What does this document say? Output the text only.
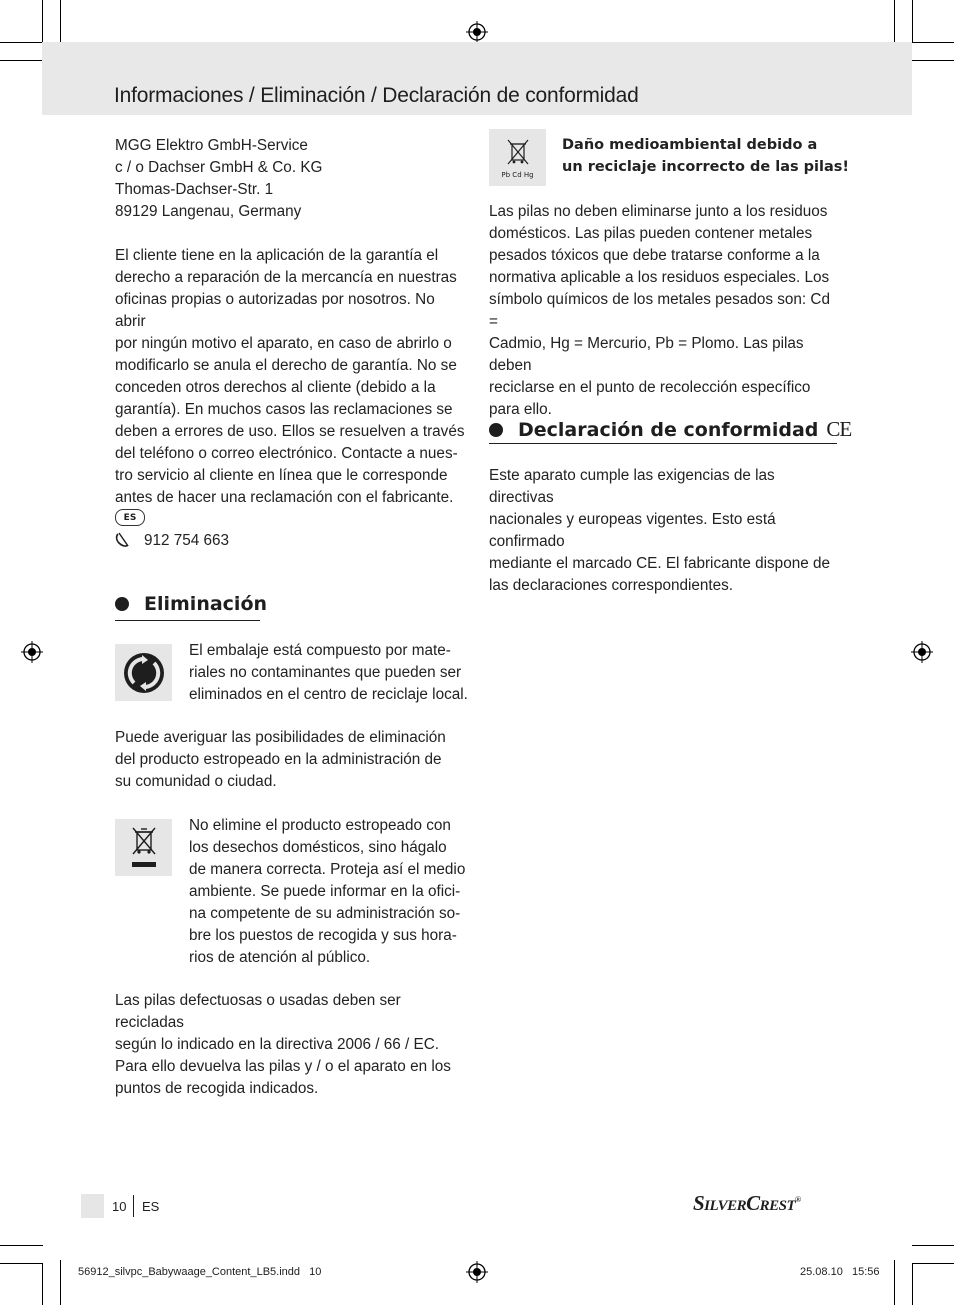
Informaciones / Eliminación / Declaración de conformidad

MGG Elektro GmbH-Service

c / o Dachser GmbH & Co. KG

Thomas-Dachser-Str. 1

89129 Langenau, Germany

El cliente tiene en la aplicación de la garantía el

derecho a reparación de la mercancía en nuestras

oficinas propias o autorizadas por nosotros. No abrir

por ningún motivo el aparato, en caso de abrirlo o

modificarlo se anula el derecho de garantía. No se

conceden otros derechos al cliente (debido a la

garantía). En muchos casos las reclamaciones se

deben a errores de uso. Ellos se resuelven a través

del teléfono o correo electrónico. Contacte a nues-

tro servicio al cliente en línea que le corresponde

antes de hacer una reclamación con el fabricante.

ES
912 754 663
Eliminación

El embalaje está compuesto por mate-

riales no contaminantes que pueden ser

eliminados en el centro de reciclaje local.

Puede averiguar las posibilidades de eliminación

del producto estropeado en la administración de

su comunidad o ciudad.

No elimine el producto estropeado con

los desechos domésticos, sino hágalo

de manera correcta. Proteja así el medio

ambiente. Se puede informar en la ofici-

na competente de su administración so-

bre los puestos de recogida y sus hora-

rios de atención al público.

Las pilas defectuosas o usadas deben ser recicladas

según lo indicado en la directiva 2006 / 66 / EC.

Para ello devuelva las pilas y / o el aparato en los

puntos de recogida indicados.

Pb Cd Hg

Daño medioambiental debido a

un reciclaje incorrecto de las pilas!

Las pilas no deben eliminarse junto a los residuos

domésticos. Las pilas pueden contener metales

pesados tóxicos que debe tratarse conforme a la

normativa aplicable a los residuos especiales. Los

símbolo químicos de los metales pesados son: Cd =

Cadmio, Hg = Mercurio, Pb = Plomo. Las pilas deben

reciclarse en el punto de recolección específico

para ello.

Declaración de conformidad CE

Este aparato cumple las exigencias de las directivas

nacionales y europeas vigentes. Esto está confirmado

mediante el marcado CE. El fabricante dispone de

las declaraciones correspondientes.

10 ES	SilverCrest®
56912_silvpc_Babywaage_Content_LB5.indd   10	25.08.10   15:56
